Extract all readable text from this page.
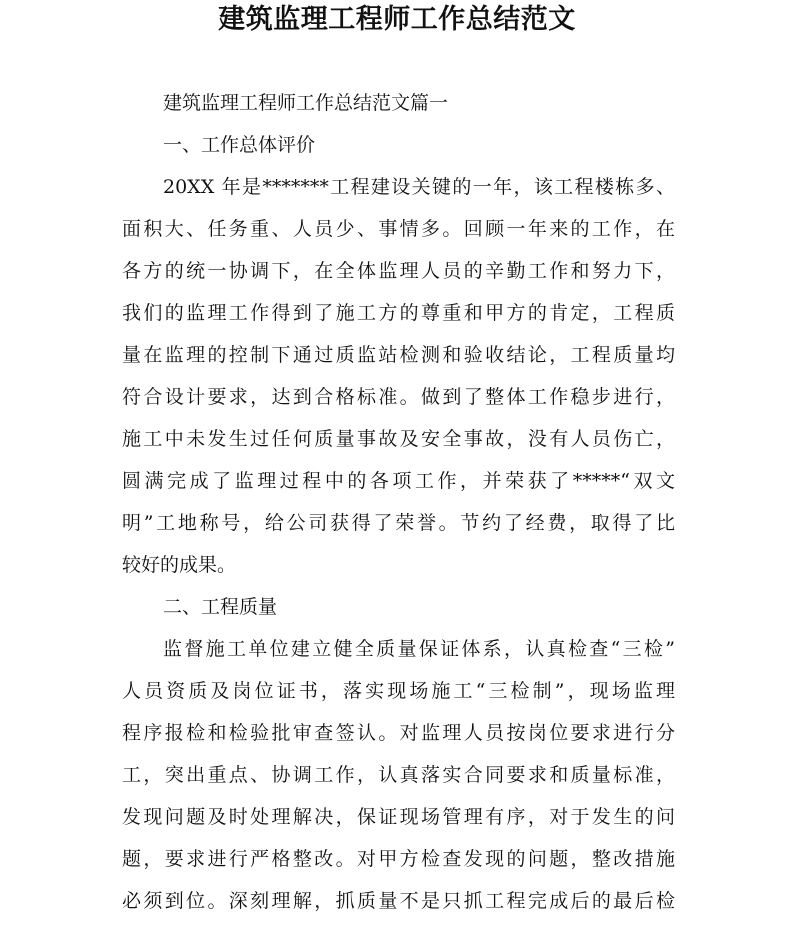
建筑监理工程师工作总结范文
建筑监理工程师工作总结范文篇一
一、工作总体评价
20XX 年是*******工程建设关键的一年，该工程楼栋多、
面积大、任务重、人员少、事情多。回顾一年来的工作，在
各方的统一协调下，在全体监理人员的辛勤工作和努力下，
我们的监理工作得到了施工方的尊重和甲方的肯定，工程质
量在监理的控制下通过质监站检测和验收结论，工程质量均
符合设计要求，达到合格标准。做到了整体工作稳步进行，
施工中未发生过任何质量事故及安全事故，没有人员伤亡，
圆满完成了监理过程中的各项工作，并荣获了*****“双文
明”工地称号，给公司获得了荣誉。节约了经费，取得了比
较好的成果。
二、工程质量
监督施工单位建立健全质量保证体系，认真检查“三检”
人员资质及岗位证书，落实现场施工“三检制”，现场监理
程序报检和检验批审查签认。对监理人员按岗位要求进行分
工，突出重点、协调工作，认真落实合同要求和质量标准，
发现问题及时处理解决，保证现场管理有序，对于发生的问
题，要求进行严格整改。对甲方检查发现的问题，整改措施
必须到位。深刻理解，抓质量不是只抓工程完成后的最后检
